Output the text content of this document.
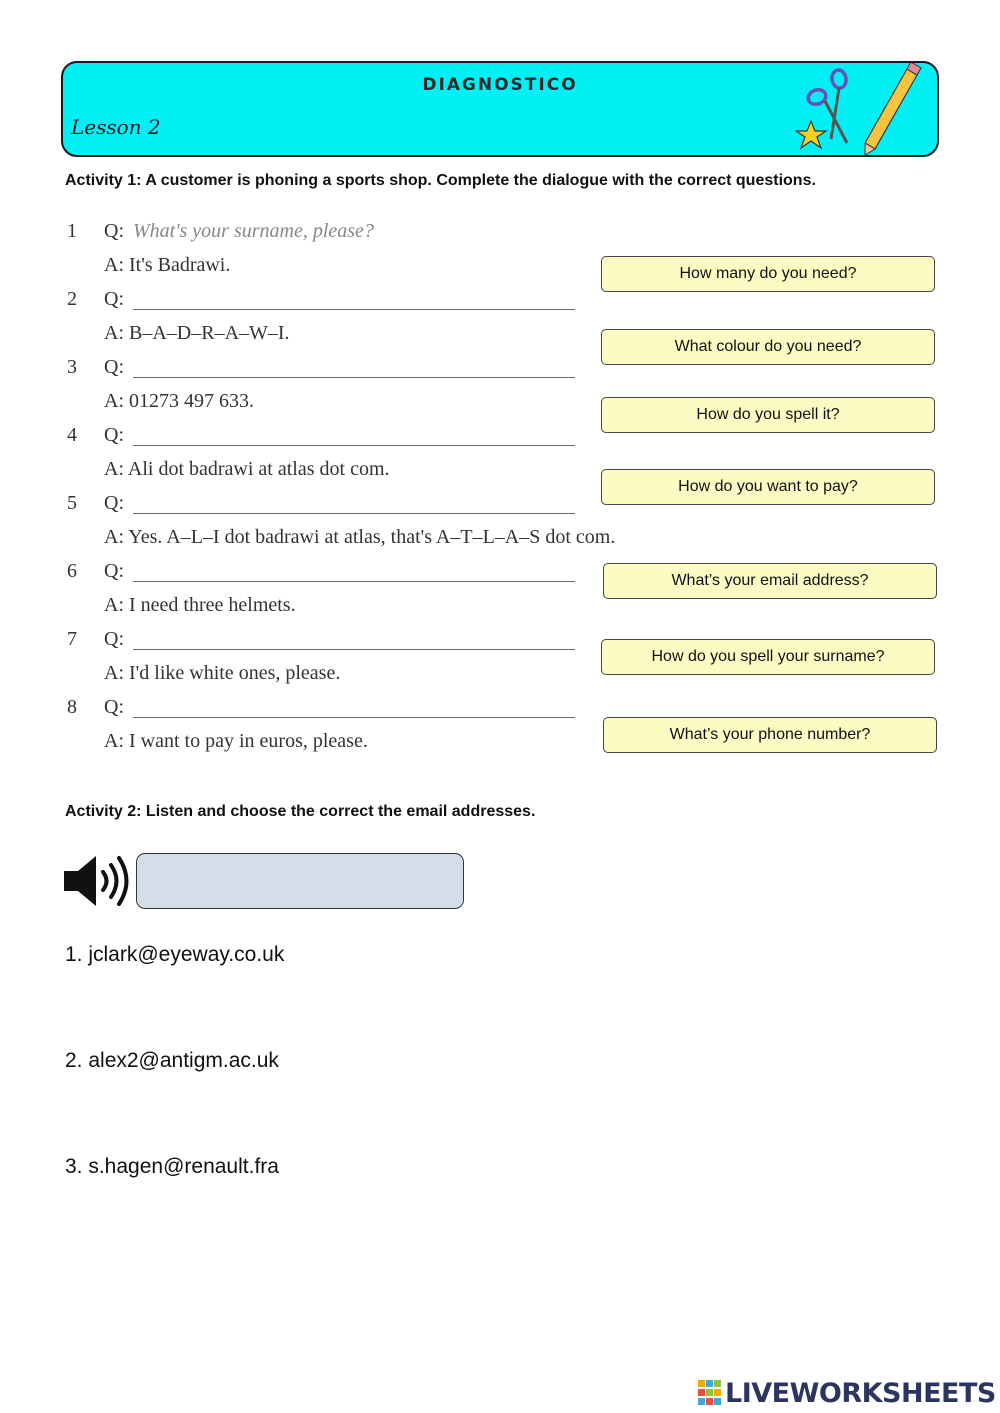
DIAGNOSTICO
Lesson 2
Activity 1: A customer is phoning a sports shop. Complete the dialogue with the correct questions.
1 Q: What's your surname, please?
A: It's Badrawi.
2 Q:
A: B–A–D–R–A–W–I.
3 Q:
A: 01273 497 633.
4 Q:
A: Ali dot badrawi at atlas dot com.
5 Q:
A: Yes. A–L–I dot badrawi at atlas, that's A–T–L–A–S dot com.
6 Q:
A: I need three helmets.
7 Q:
A: I'd like white ones, please.
8 Q:
A: I want to pay in euros, please.
How many do you need?
What colour do you need?
How do you spell it?
How do you want to pay?
What’s your email address?
How do you spell your surname?
What’s your phone number?
Activity 2: Listen and choose the correct the email addresses.
1. jclark@eyeway.co.uk
2. alex2@antigm.ac.uk
3. s.hagen@renault.fra
LIVEWORKSHEETS
